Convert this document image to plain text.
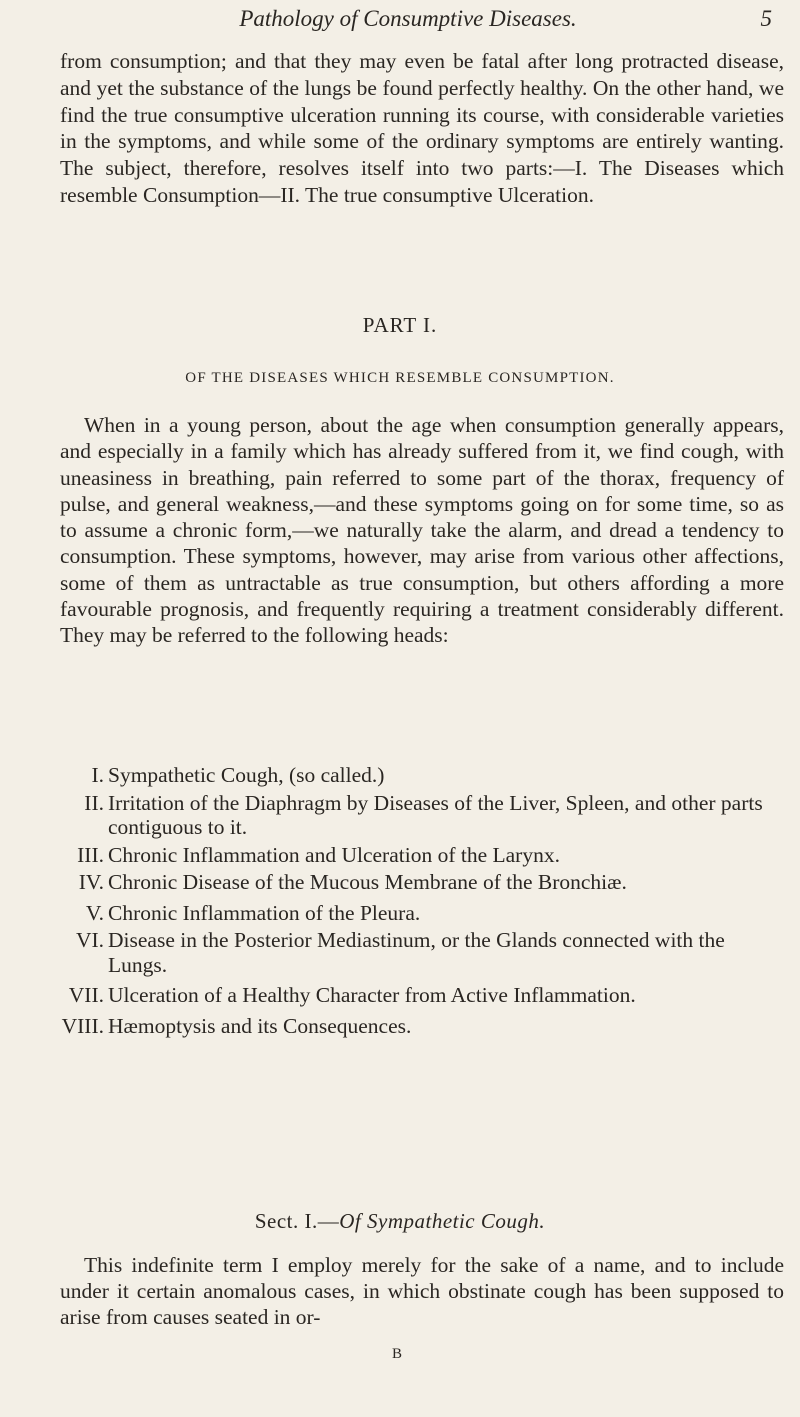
Pathology of Consumptive Diseases.	5

from consumption; and that they may even be fatal after long protracted disease, and yet the substance of the lungs be found perfectly healthy. On the other hand, we find the true consumptive ulceration running its course, with considerable varieties in the symptoms, and while some of the ordinary symptoms are entirely wanting. The subject, therefore, resolves itself into two parts:—I. The Diseases which resemble Consumption—II. The true consumptive Ulceration.

PART I.
OF THE DISEASES WHICH RESEMBLE CONSUMPTION.

When in a young person, about the age when consumption generally appears, and especially in a family which has already suffered from it, we find cough, with uneasiness in breathing, pain referred to some part of the thorax, frequency of pulse, and general weakness,—and these symptoms going on for some time, so as to assume a chronic form,—we naturally take the alarm, and dread a tendency to consumption. These symptoms, however, may arise from various other affections, some of them as untractable as true consumption, but others affording a more favourable prognosis, and frequently requiring a treatment considerably different. They may be referred to the following heads:

I. Sympathetic Cough, (so called.)
II. Irritation of the Diaphragm by Diseases of the Liver, Spleen, and other parts contiguous to it.
III. Chronic Inflammation and Ulceration of the Larynx.
IV. Chronic Disease of the Mucous Membrane of the Bronchiæ.
V. Chronic Inflammation of the Pleura.
VI. Disease in the Posterior Mediastinum, or the Glands connected with the Lungs.
VII. Ulceration of a Healthy Character from Active Inflammation.
VIII. Hæmoptysis and its Consequences.
Sect. I.—Of Sympathetic Cough.

This indefinite term I employ merely for the sake of a name, and to include under it certain anomalous cases, in which obstinate cough has been supposed to arise from causes seated in or-

B
